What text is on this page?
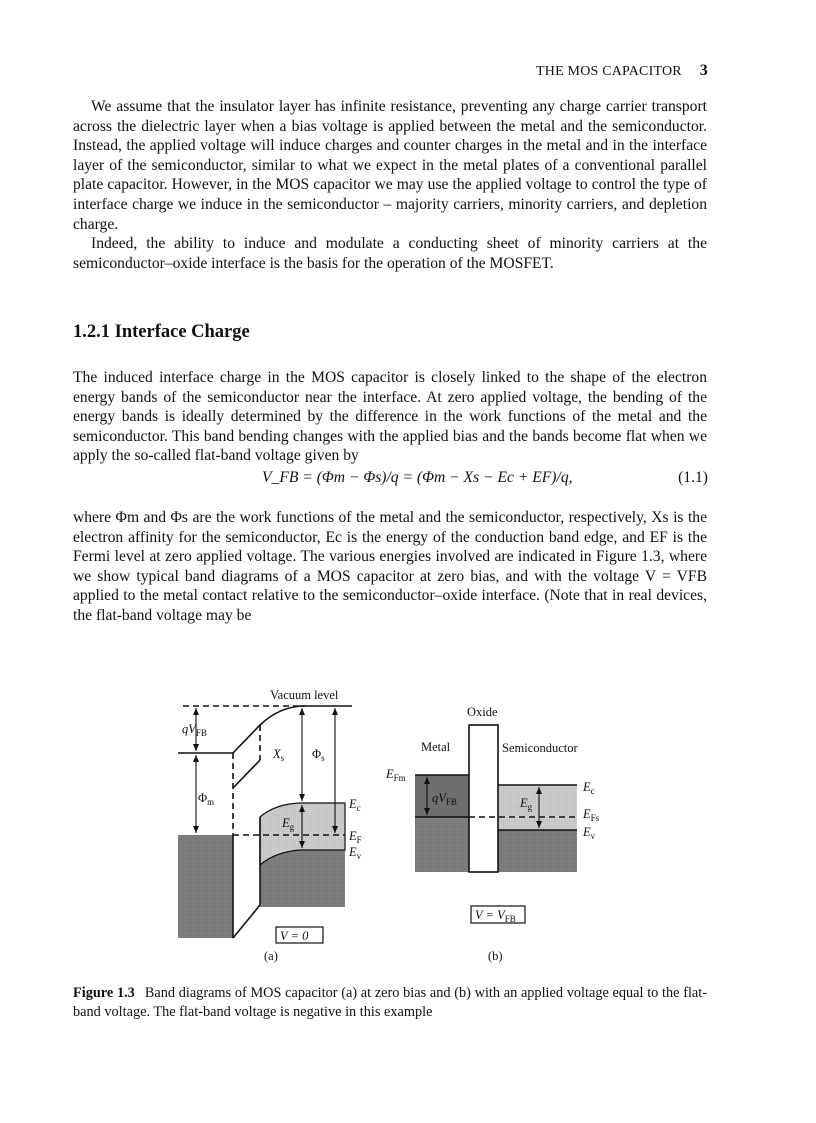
THE MOS CAPACITOR 3

We assume that the insulator layer has infinite resistance, preventing any charge carrier transport across the dielectric layer when a bias voltage is applied between the metal and the semiconductor. Instead, the applied voltage will induce charges and counter charges in the metal and in the interface layer of the semiconductor, similar to what we expect in the metal plates of a conventional parallel plate capacitor. However, in the MOS capacitor we may use the applied voltage to control the type of interface charge we induce in the semiconductor – majority carriers, minority carriers, and depletion charge.

Indeed, the ability to induce and modulate a conducting sheet of minority carriers at the semiconductor–oxide interface is the basis for the operation of the MOSFET.

1.2.1 Interface Charge

The induced interface charge in the MOS capacitor is closely linked to the shape of the electron energy bands of the semiconductor near the interface. At zero applied voltage, the bending of the energy bands is ideally determined by the difference in the work functions of the metal and the semiconductor. This band bending changes with the applied bias and the bands become flat when we apply the so-called flat-band voltage given by

V_FB = (Φm − Φs)/q = (Φm − Xs − Ec + EF)/q,	(1.1)

where Φm and Φs are the work functions of the metal and the semiconductor, respectively, Xs is the electron affinity for the semiconductor, Ec is the energy of the conduction band edge, and EF is the Fermi level at zero applied voltage. The various energies involved are indicated in Figure 1.3, where we show typical band diagrams of a MOS capacitor at zero bias, and with the voltage V = VFB applied to the metal contact relative to the semiconductor–oxide interface. (Note that in real devices, the flat-band voltage may be

Vacuum level
$qV_{FB}$
$X_s$ $\Phi_s$
$\Phi_m$	$E_c$
$E_g$
$E_F$
$E_v$
V = 0
(a)
Oxide
Metal	Semiconductor
$E_{Fm}$
$qV_{FB}$	$E_g$
$E_c$
$E_{Fs}$
$E_v$
$V = V_{FB}$
(b)
Figure 1.3 Band diagrams of MOS capacitor (a) at zero bias and (b) with an applied voltage equal to the flat-band voltage. The flat-band voltage is negative in this example
